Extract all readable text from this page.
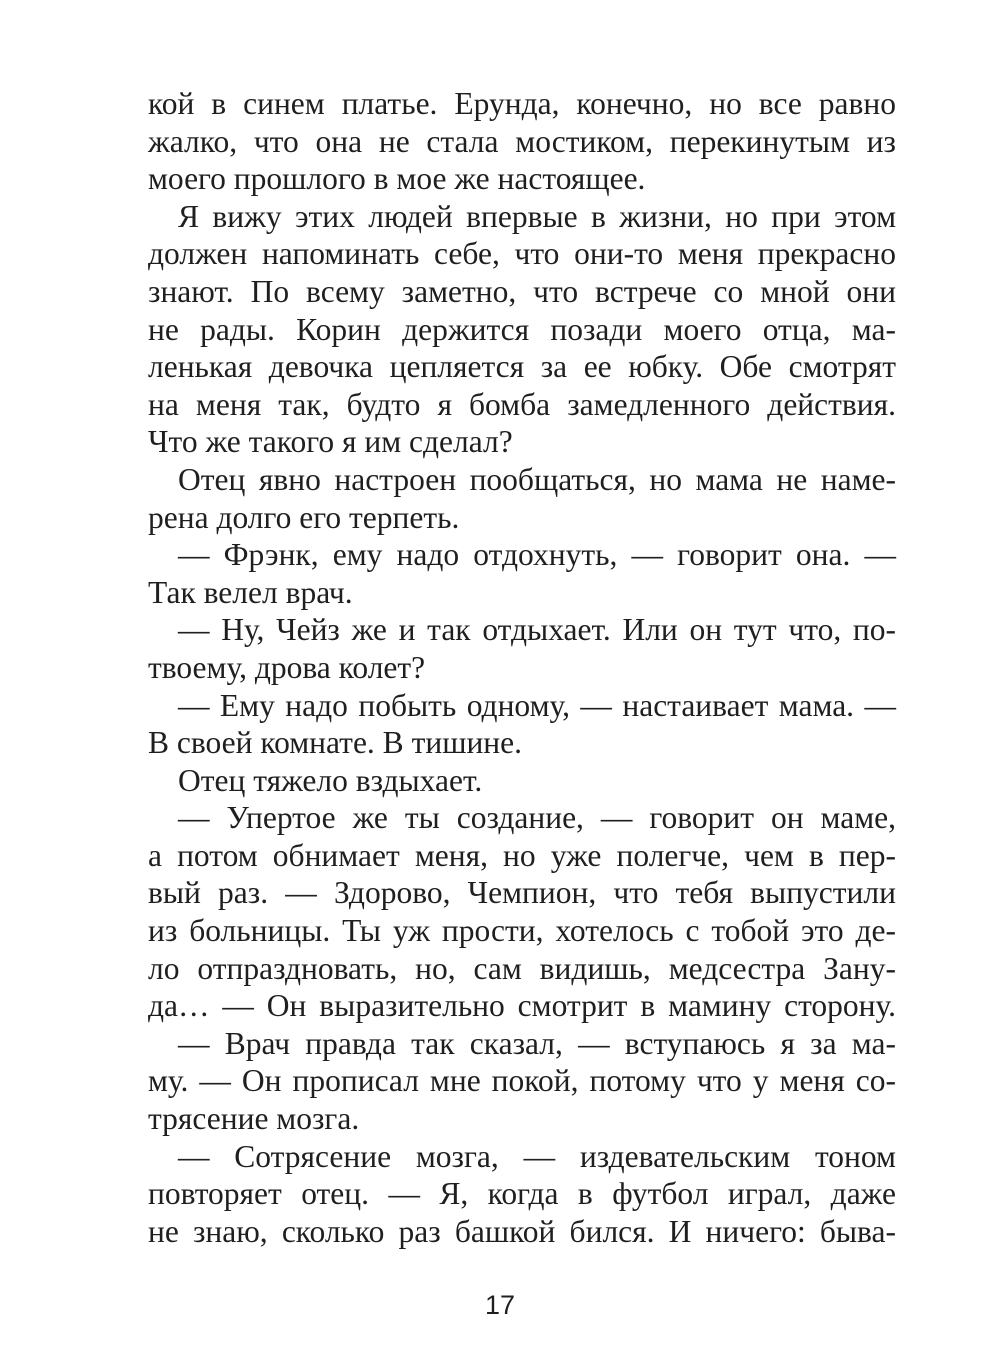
кой в синем платье. Ерунда, конечно, но все равно
жалко, что она не стала мостиком, перекинутым из
моего прошлого в мое же настоящее.
Я вижу этих людей впервые в жизни, но при этом
должен напоминать себе, что они-то меня прекрасно
знают. По всему заметно, что встрече со мной они
не рады. Корин держится позади моего отца, ма-
ленькая девочка цепляется за ее юбку. Обе смотрят
на меня так, будто я бомба замедленного действия.
Что же такого я им сделал?
Отец явно настроен пообщаться, но мама не наме-
рена долго его терпеть.
— Фрэнк, ему надо отдохнуть, — говорит она. —
Так велел врач.
— Ну, Чейз же и так отдыхает. Или он тут что, по-
твоему, дрова колет?
— Ему надо побыть одному, — настаивает мама. —
В своей комнате. В тишине.
Отец тяжело вздыхает.
— Упертое же ты создание, — говорит он маме,
а потом обнимает меня, но уже полегче, чем в пер-
вый раз. — Здорово, Чемпион, что тебя выпустили
из больницы. Ты уж прости, хотелось с тобой это де-
ло отпраздновать, но, сам видишь, медсестра Зану-
да… — Он выразительно смотрит в мамину сторону.
— Врач правда так сказал, — вступаюсь я за ма-
му. — Он прописал мне покой, потому что у меня со-
трясение мозга.
— Сотрясение мозга, — издевательским тоном
повторяет отец. — Я, когда в футбол играл, даже
не знаю, сколько раз башкой бился. И ничего: быва-
17
